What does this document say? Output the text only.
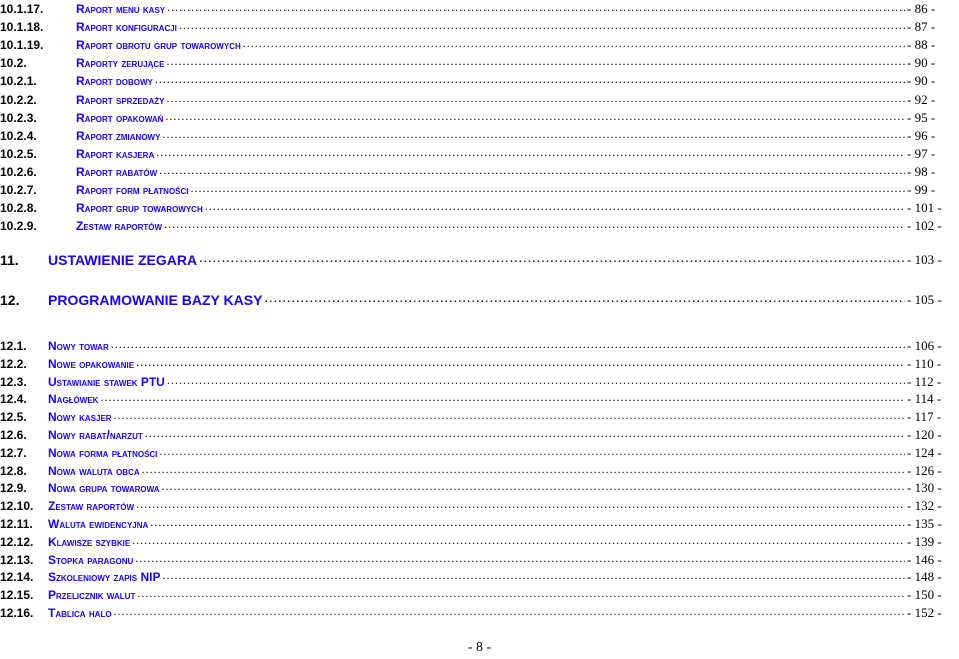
10.1.17.	Raport menu kasy .....	- 86 -
10.1.18.	Raport konfiguracji .....	- 87 -
10.1.19.	Raport obrotu grup towarowych .....	- 88 -
10.2.	Raporty zerujące .....	- 90 -
10.2.1.	Raport dobowy .....	- 90 -
10.2.2.	Raport sprzedaży .....	- 92 -
10.2.3.	Raport opakowań .....	- 95 -
10.2.4.	Raport zmianowy .....	- 96 -
10.2.5.	Raport kasjera .....	- 97 -
10.2.6.	Raport rabatów .....	- 98 -
10.2.7.	Raport form płatności .....	- 99 -
10.2.8.	Raport grup towarowych .....	- 101 -
10.2.9.	Zestaw raportów .....	- 102 -
11.	USTAWIENIE ZEGARA .....	- 103 -
12.	PROGRAMOWANIE BAZY KASY .....	- 105 -
12.1.	Nowy towar .....	- 106 -
12.2.	Nowe opakowanie .....	- 110 -
12.3.	Ustawianie stawek PTU .....	- 112 -
12.4.	Nagłówek .....	- 114 -
12.5.	Nowy kasjer .....	- 117 -
12.6.	Nowy rabat/narzut .....	- 120 -
12.7.	Nowa forma płatności .....	- 124 -
12.8.	Nowa waluta obca .....	- 126 -
12.9.	Nowa grupa towarowa .....	- 130 -
12.10.	Zestaw raportów .....	- 132 -
12.11.	Waluta ewidencyjna .....	- 135 -
12.12.	Klawisze szybkie .....	- 139 -
12.13.	Stopka paragonu .....	- 146 -
12.14.	Szkoleniowy zapis NIP .....	- 148 -
12.15.	Przelicznik walut .....	- 150 -
12.16.	Tablica halo .....	- 152 -
- 8 -
